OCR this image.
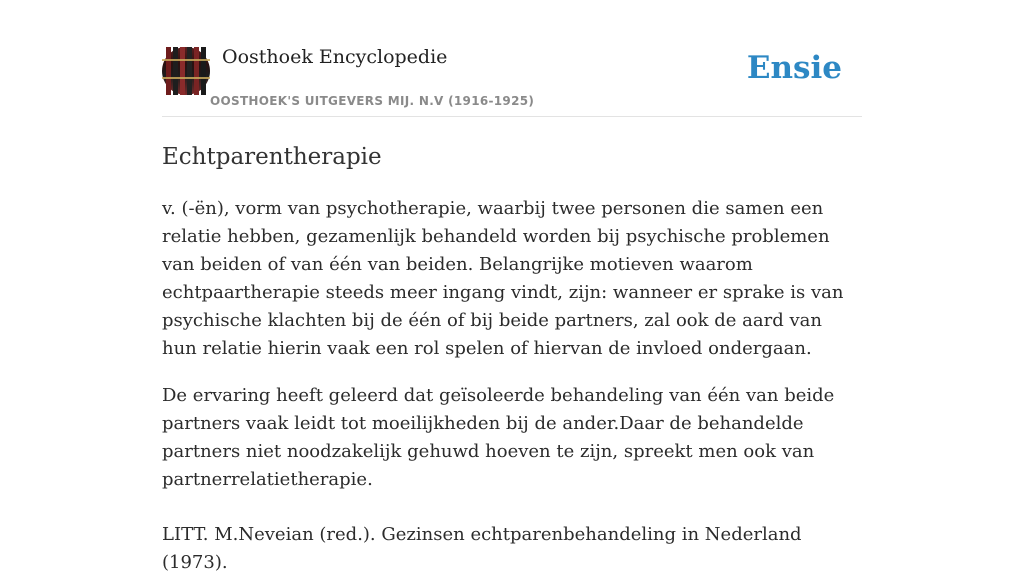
Oosthoek Encyclopedie
OOSTHOEK'S UITGEVERS MIJ. N.V (1916-1925)
Ensie
Echtparentherapie

v. (-ën), vorm van psychotherapie, waarbij twee personen die samen een relatie hebben, gezamenlijk behandeld worden bij psychische problemen van beiden of van één van beiden. Belangrijke motieven waarom echtpaartherapie steeds meer ingang vindt, zijn: wanneer er sprake is van psychische klachten bij de één of bij beide partners, zal ook de aard van hun relatie hierin vaak een rol spelen of hiervan de invloed ondergaan.

De ervaring heeft geleerd dat geïsoleerde behandeling van één van beide partners vaak leidt tot moeilijkheden bij de ander.Daar de behandelde partners niet noodzakelijk gehuwd hoeven te zijn, spreekt men ook van partnerrelatietherapie.

LITT. M.Neveian (red.). Gezinsen echtparenbehandeling in Nederland (1973).
